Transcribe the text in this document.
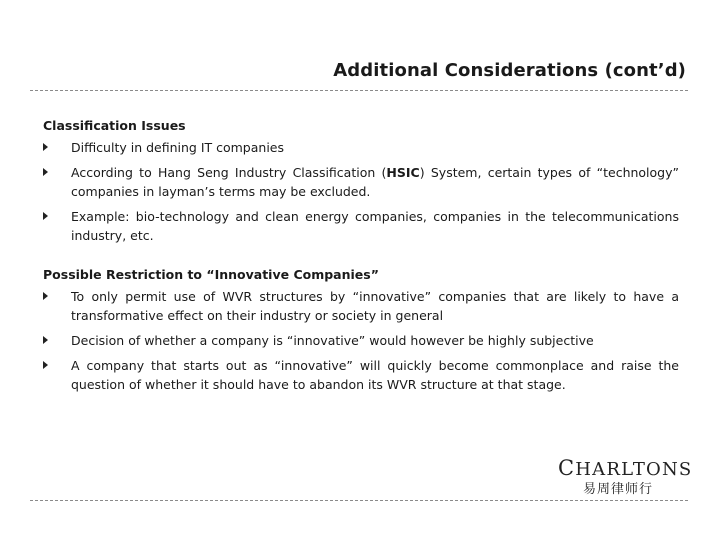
Additional Considerations (cont’d)

Classification Issues

Difficulty in defining IT companies
According to Hang Seng Industry Classification (HSIC) System, certain types of “technology” companies in layman’s terms may be excluded.
Example: bio-technology and clean energy companies, companies in the telecommunications industry, etc.

Possible Restriction to “Innovative Companies”

To only permit use of WVR structures by “innovative” companies that are likely to have a transformative effect on their industry or society in general
Decision of whether a company is “innovative” would however be highly subjective
A company that starts out as “innovative” will quickly become commonplace and raise the question of whether it should have to abandon its WVR structure at that stage.
CHARLTONS
易周律师行
